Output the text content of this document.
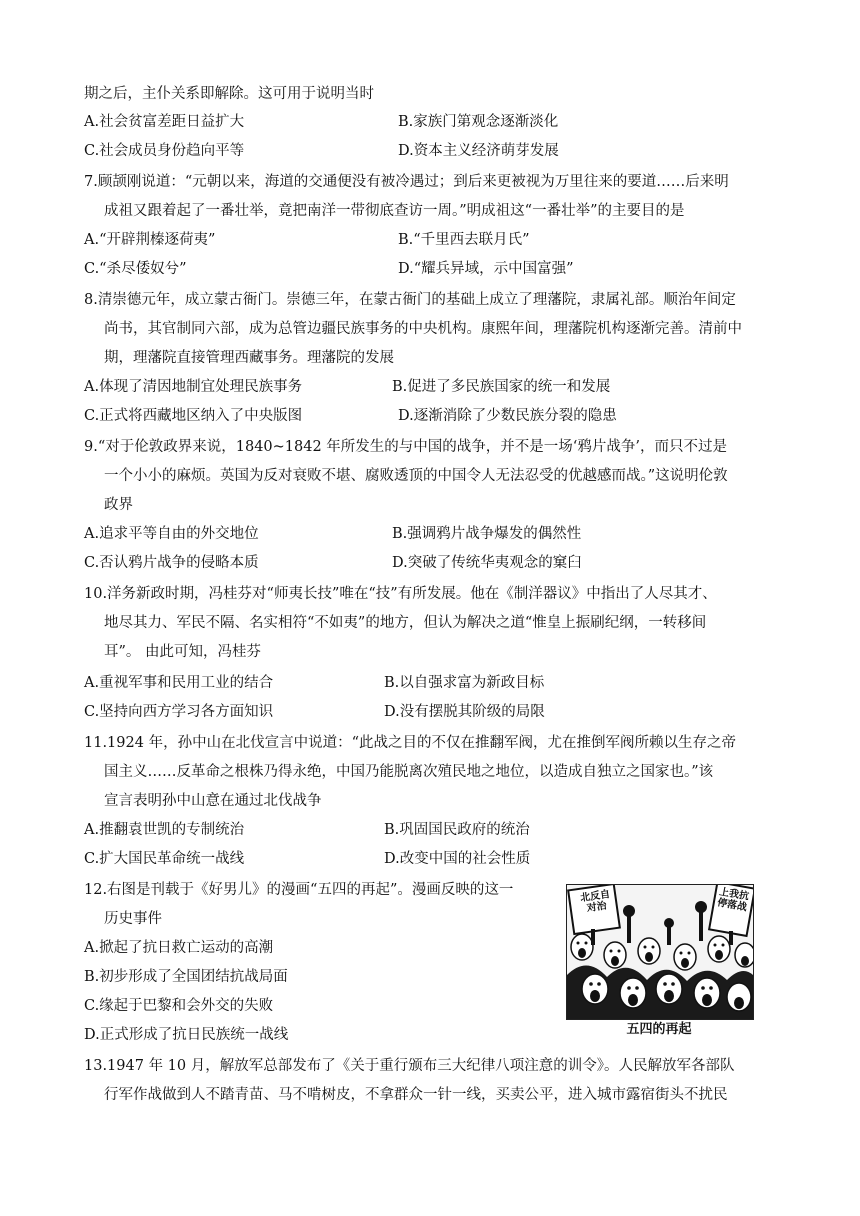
期之后，主仆关系即解除。这可用于说明当时
A.社会贫富差距日益扩大	B.家族门第观念逐渐淡化
C.社会成员身份趋向平等	D.资本主义经济萌芽发展
7.顾颉刚说道：“元朝以来，海道的交通便没有被冷遇过；到后来更被视为万里往来的要道……后来明
成祖又跟着起了一番壮举，竟把南洋一带彻底查访一周。”明成祖这“一番壮举”的主要目的是
A.“开辟荆榛逐荷夷”	B.“千里西去联月氏”
C.“杀尽倭奴兮”	D.“耀兵异域，示中国富强”
8.清崇德元年，成立蒙古衙门。崇德三年，在蒙古衙门的基础上成立了理藩院，隶属礼部。顺治年间定
尚书，其官制同六部，成为总管边疆民族事务的中央机构。康熙年间，理藩院机构逐渐完善。清前中
期，理藩院直接管理西藏事务。理藩院的发展
A.体现了清因地制宜处理民族事务	B.促进了多民族国家的统一和发展
C.正式将西藏地区纳入了中央版图	D.逐渐消除了少数民族分裂的隐患
9.“对于伦敦政界来说，1840~1842 年所发生的与中国的战争，并不是一场‘鸦片战争’，而只不过是
一个小小的麻烦。英国为反对衰败不堪、腐败透顶的中国令人无法忍受的优越感而战。”这说明伦敦
政界
A.追求平等自由的外交地位	B.强调鸦片战争爆发的偶然性
C.否认鸦片战争的侵略本质	D.突破了传统华夷观念的窠臼
10.洋务新政时期，冯桂芬对“师夷长技”唯在“技”有所发展。他在《制洋器议》中指出了人尽其才、
地尽其力、军民不隔、名实相符“不如夷”的地方，但认为解决之道“惟皇上振刷纪纲，一转移间
耳”。 由此可知，冯桂芬
A.重视军事和民用工业的结合	B.以自强求富为新政目标
C.坚持向西方学习各方面知识	D.没有摆脱其阶级的局限
11.1924 年，孙中山在北伐宣言中说道：“此战之目的不仅在推翻军阀，尤在推倒军阀所赖以生存之帝
国主义……反革命之根株乃得永绝，中国乃能脱离次殖民地之地位，以造成自独立之国家也。”该
宣言表明孙中山意在通过北伐战争
A.推翻袁世凯的专制统治	B.巩固国民政府的统治
C.扩大国民革命统一战线	D.改变中国的社会性质
12.右图是刊载于《好男儿》的漫画“五四的再起”。漫画反映的这一
历史事件
A.掀起了抗日救亡运动的高潮
B.初步形成了全国团结抗战局面
C.缘起于巴黎和会外交的失败
D.正式形成了抗日民族统一战线
北反自对治
上我抗停落战
五四的再起
13.1947 年 10 月，解放军总部发布了《关于重行颁布三大纪律八项注意的训令》。人民解放军各部队
行军作战做到人不踏青苗、马不啃树皮，不拿群众一针一线，买卖公平，进入城市露宿街头不扰民
